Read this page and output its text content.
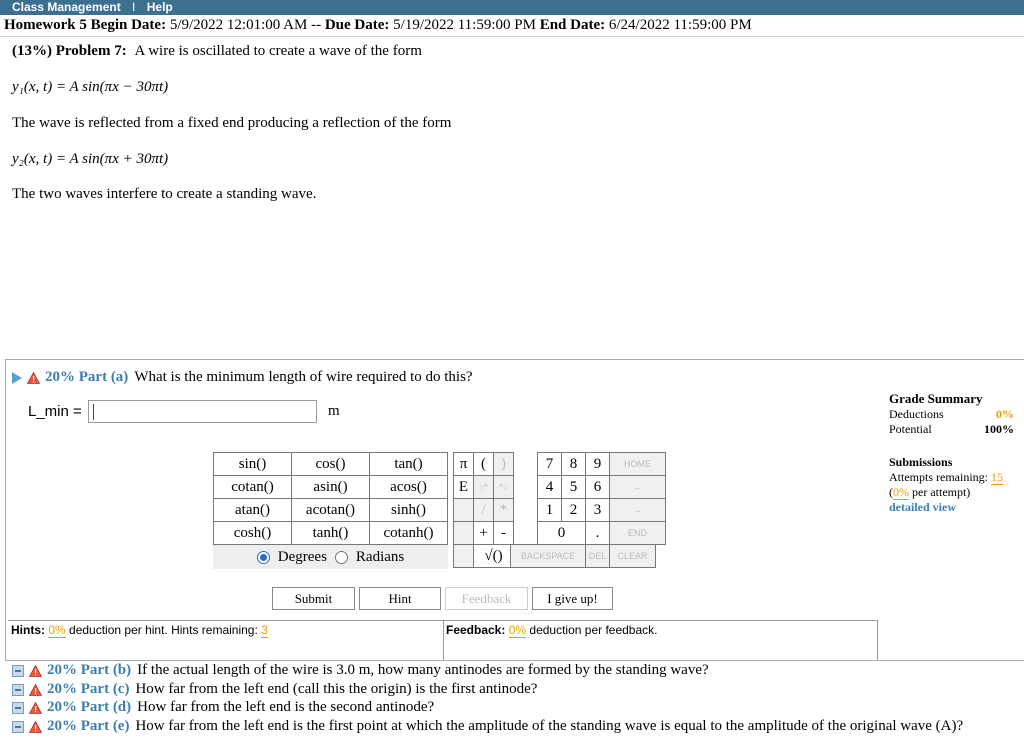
Class Management I Help
Homework 5 Begin Date: 5/9/2022 12:01:00 AM -- Due Date: 5/19/2022 11:59:00 PM End Date: 6/24/2022 11:59:00 PM
(13%) Problem 7: A wire is oscillated to create a wave of the form
y₁(x, t) = A sin(πx − 30πt)
The wave is reflected from a fixed end producing a reflection of the form
y₂(x, t) = A sin(πx + 30πt)
The two waves interfere to create a standing wave.
20% Part (a) What is the minimum length of wire required to do this?
L_min =	m
sin()	cos()	tan()
cotan()	asin()	acos()
atan()	acotan()	sinh()
cosh()	tanh()	cotanh()
Degrees Radians
π	(	)
E	↑^	^↓
	/	*
	+	-
	√()	
7	8	9	HOME
4	5	6	←
1	2	3	→
0		.	END
BACKSPACE	DEL	CLEAR
Submit	Hint	Feedback	I give up!
Hints: 0% deduction per hint. Hints remaining: 3	Feedback: 0% deduction per feedback.
Grade Summary
Deductions	0%
Potential	100%
Submissions
Attempts remaining: 15
(0% per attempt)
detailed view
20% Part (b) If the actual length of the wire is 3.0 m, how many antinodes are formed by the standing wave?
20% Part (c) How far from the left end (call this the origin) is the first antinode?
20% Part (d) How far from the left end is the second antinode?
20% Part (e) How far from the left end is the first point at which the amplitude of the standing wave is equal to the amplitude of the original wave (A)?
